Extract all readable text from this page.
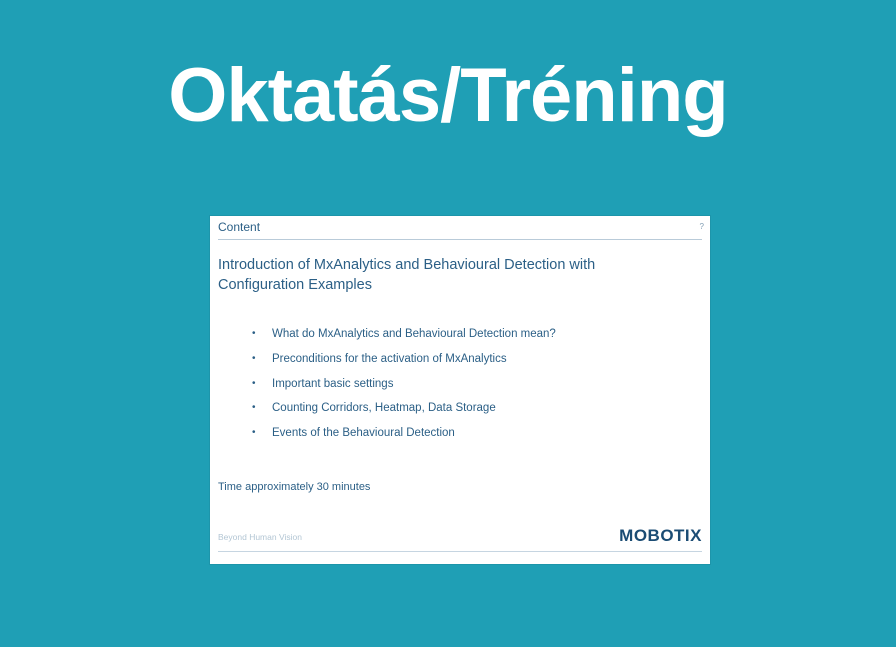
Oktatás/Tréning
Content	?
Introduction of MxAnalytics and Behavioural Detection with Configuration Examples
• What do MxAnalytics and Behavioural Detection mean?
• Preconditions for the activation of MxAnalytics
• Important basic settings
• Counting Corridors, Heatmap, Data Storage
• Events of the Behavioural Detection
Time approximately 30 minutes
Beyond Human Vision	MOBOTIX
